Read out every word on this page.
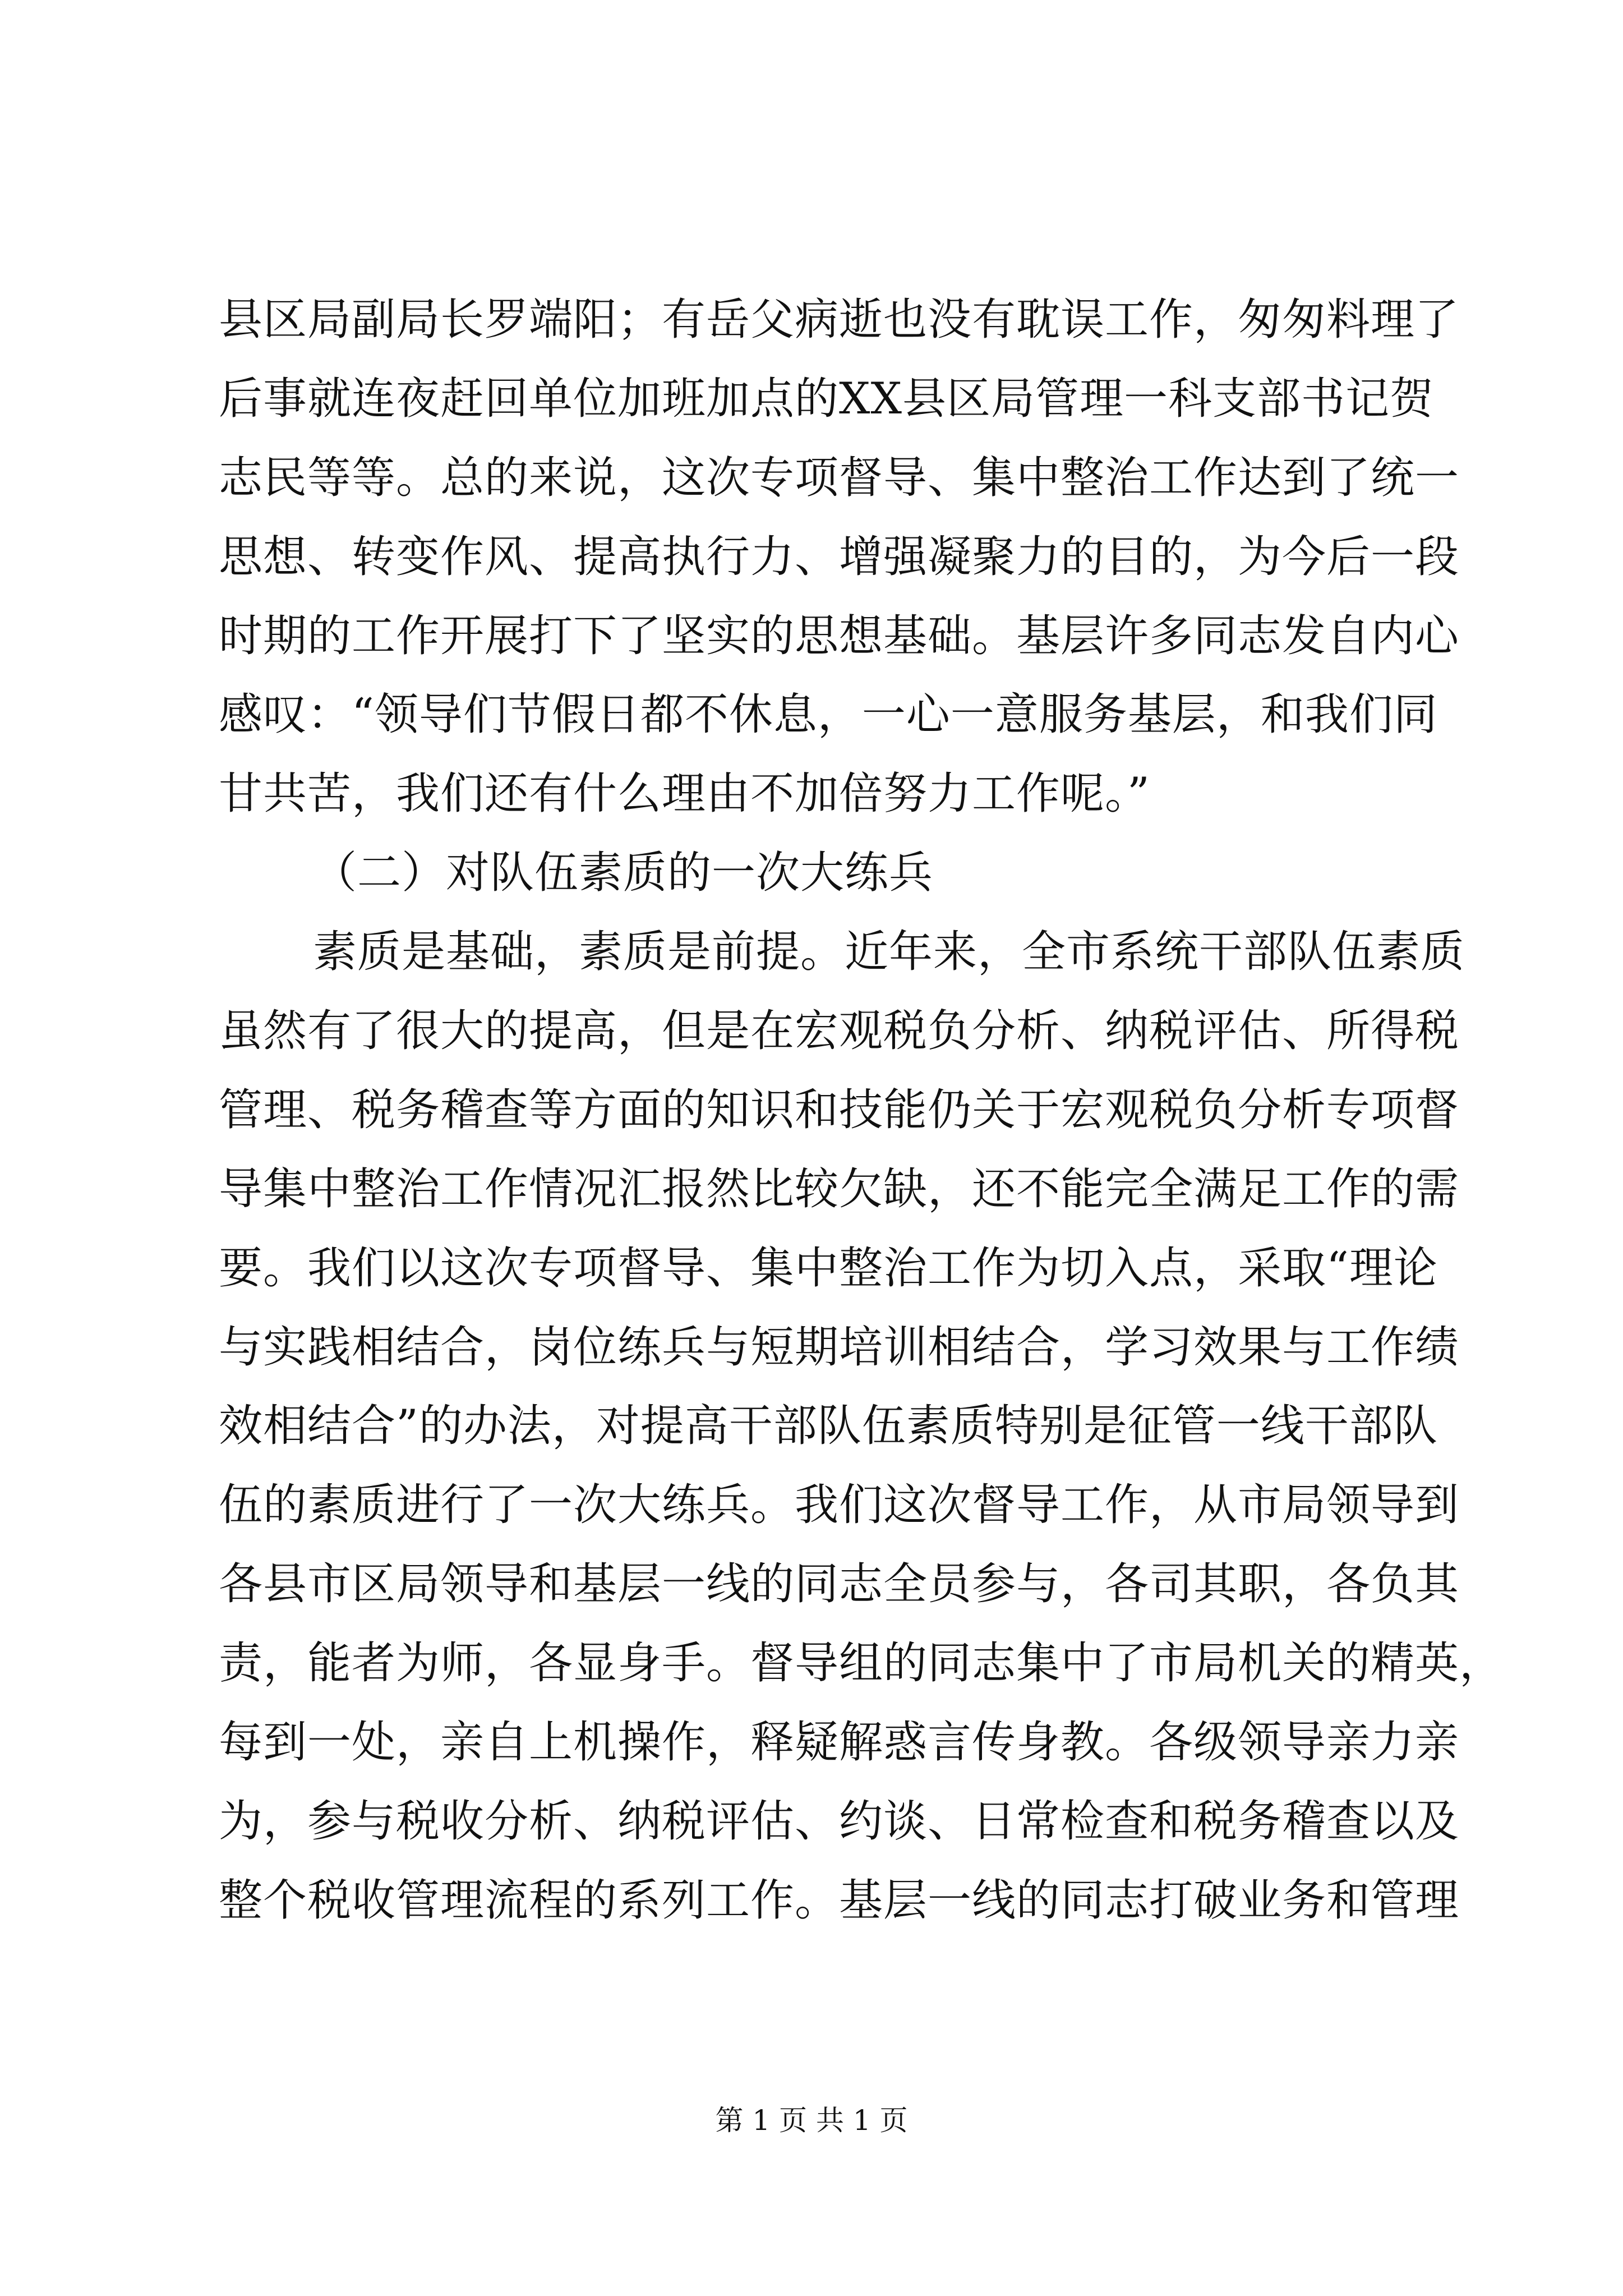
县区局副局长罗端阳；有岳父病逝也没有耽误工作，匆匆料理了
后事就连夜赶回单位加班加点的XX县区局管理一科支部书记贺
志民等等。总的来说，这次专项督导、集中整治工作达到了统一
思想、转变作风、提高执行力、增强凝聚力的目的，为今后一段
时期的工作开展打下了坚实的思想基础。基层许多同志发自内心
感叹：“领导们节假日都不休息，一心一意服务基层，和我们同
甘共苦，我们还有什么理由不加倍努力工作呢。”
（二）对队伍素质的一次大练兵
素质是基础，素质是前提。近年来，全市系统干部队伍素质
虽然有了很大的提高，但是在宏观税负分析、纳税评估、所得税
管理、税务稽查等方面的知识和技能仍关于宏观税负分析专项督
导集中整治工作情况汇报然比较欠缺，还不能完全满足工作的需
要。我们以这次专项督导、集中整治工作为切入点，采取“理论
与实践相结合，岗位练兵与短期培训相结合，学习效果与工作绩
效相结合”的办法，对提高干部队伍素质特别是征管一线干部队
伍的素质进行了一次大练兵。我们这次督导工作，从市局领导到
各县市区局领导和基层一线的同志全员参与，各司其职，各负其
责，能者为师，各显身手。督导组的同志集中了市局机关的精英，
每到一处，亲自上机操作，释疑解惑言传身教。各级领导亲力亲
为，参与税收分析、纳税评估、约谈、日常检查和税务稽查以及
整个税收管理流程的系列工作。基层一线的同志打破业务和管理
第 1 页 共 1 页
